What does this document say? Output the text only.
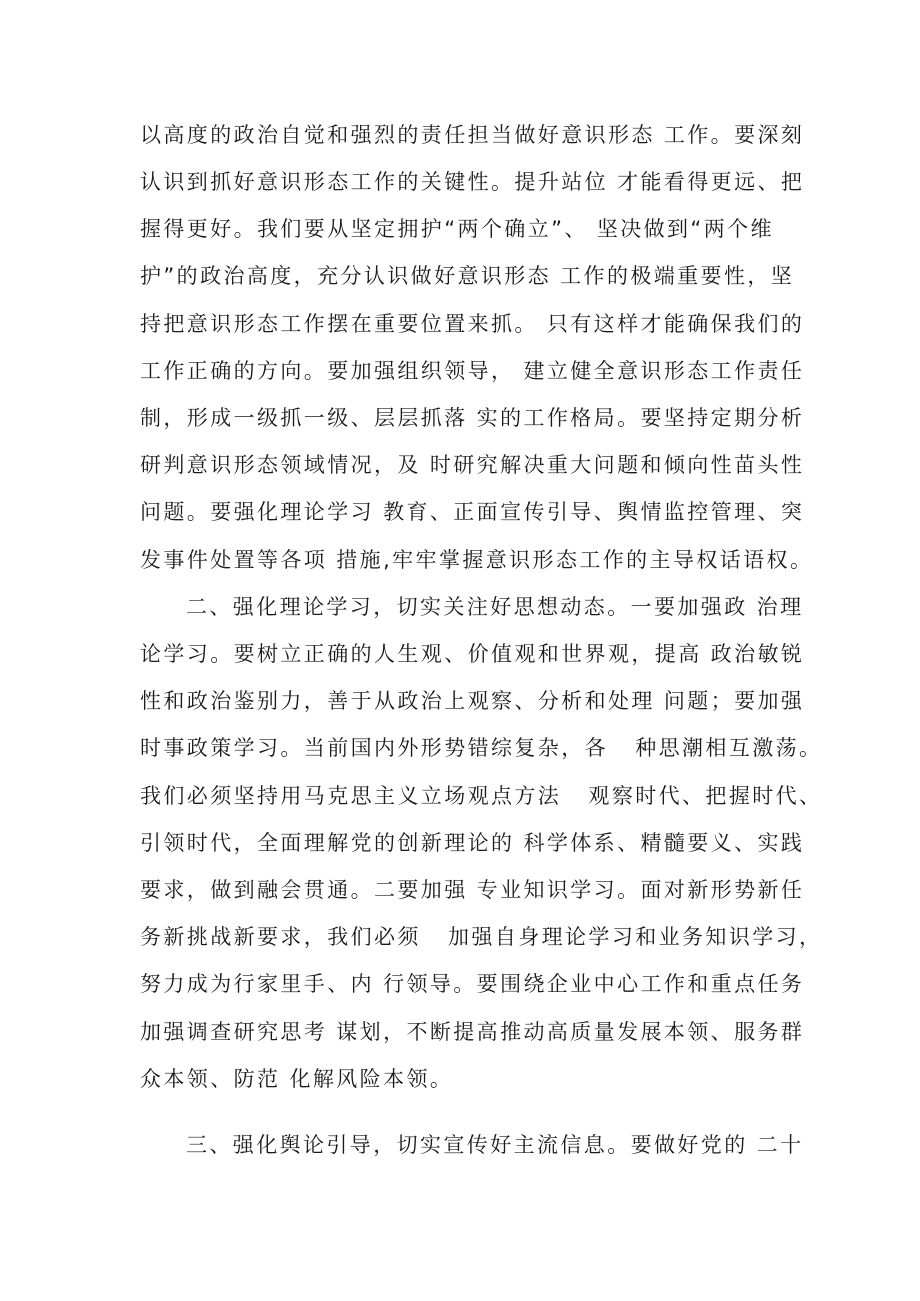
以高度的政治自觉和强烈的责任担当做好意识形态 工作。要深刻
认识到抓好意识形态工作的关键性。提升站位 才能看得更远、把
握得更好。我们要从坚定拥护“两个确立”、 坚决做到“两个维
护”的政治高度，充分认识做好意识形态 工作的极端重要性，坚
持把意识形态工作摆在重要位置来抓。 只有这样才能确保我们的
工作正确的方向。要加强组织领导， 建立健全意识形态工作责任
制，形成一级抓一级、层层抓落 实的工作格局。要坚持定期分析
研判意识形态领域情况，及 时研究解决重大问题和倾向性苗头性
问题。要强化理论学习 教育、正面宣传引导、舆情监控管理、突
发事件处置等各项 措施,牢牢掌握意识形态工作的主导权话语权。
二、强化理论学习，切实关注好思想动态。一要加强政 治理
论学习。要树立正确的人生观、价值观和世界观，提高 政治敏锐
性和政治鉴别力，善于从政治上观察、分析和处理 问题；要加强
时事政策学习。当前国内外形势错综复杂，各   种思潮相互激荡。
我们必须坚持用马克思主义立场观点方法   观察时代、把握时代、
引领时代，全面理解党的创新理论的 科学体系、精髓要义、实践
要求，做到融会贯通。二要加强 专业知识学习。面对新形势新任
务新挑战新要求，我们必须   加强自身理论学习和业务知识学习，
努力成为行家里手、内 行领导。要围绕企业中心工作和重点任务
加强调查研究思考 谋划，不断提高推动高质量发展本领、服务群
众本领、防范 化解风险本领。
三、强化舆论引导，切实宣传好主流信息。要做好党的 二十
